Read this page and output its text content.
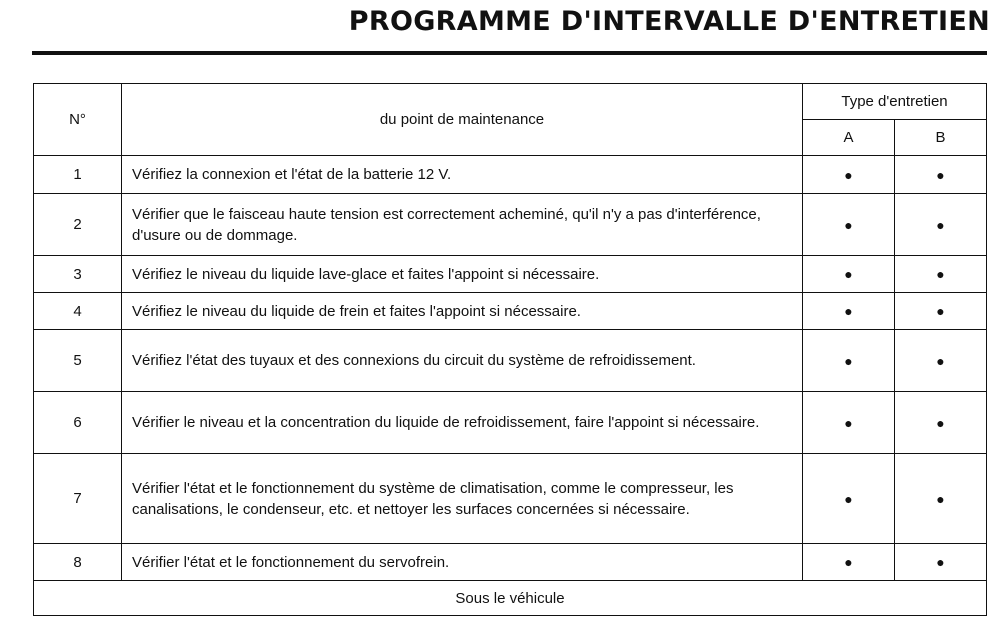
PROGRAMME D'INTERVALLE D'ENTRETIEN
N°	du point de maintenance	Type d'entretien	
		A	B
1	Vérifiez la connexion et l'état de la batterie 12 V.	●	●
2	Vérifier que le faisceau haute tension est correctement acheminé, qu'il n'y a pas d'interférence, d'usure ou de dommage.	●	●
3	Vérifiez le niveau du liquide lave-glace et faites l'appoint si nécessaire.	●	●
4	Vérifiez le niveau du liquide de frein et faites l'appoint si nécessaire.	●	●
5	Vérifiez l'état des tuyaux et des connexions du circuit du système de refroidissement.	●	●
6	Vérifier le niveau et la concentration du liquide de refroidissement, faire l'appoint si nécessaire.	●	●
7	Vérifier l'état et le fonctionnement du système de climatisation, comme le compresseur, les canalisations, le condenseur, etc. et nettoyer les surfaces concernées si nécessaire.	●	●
8	Vérifier l'état et le fonctionnement du servofrein.	●	●
Sous le véhicule			
